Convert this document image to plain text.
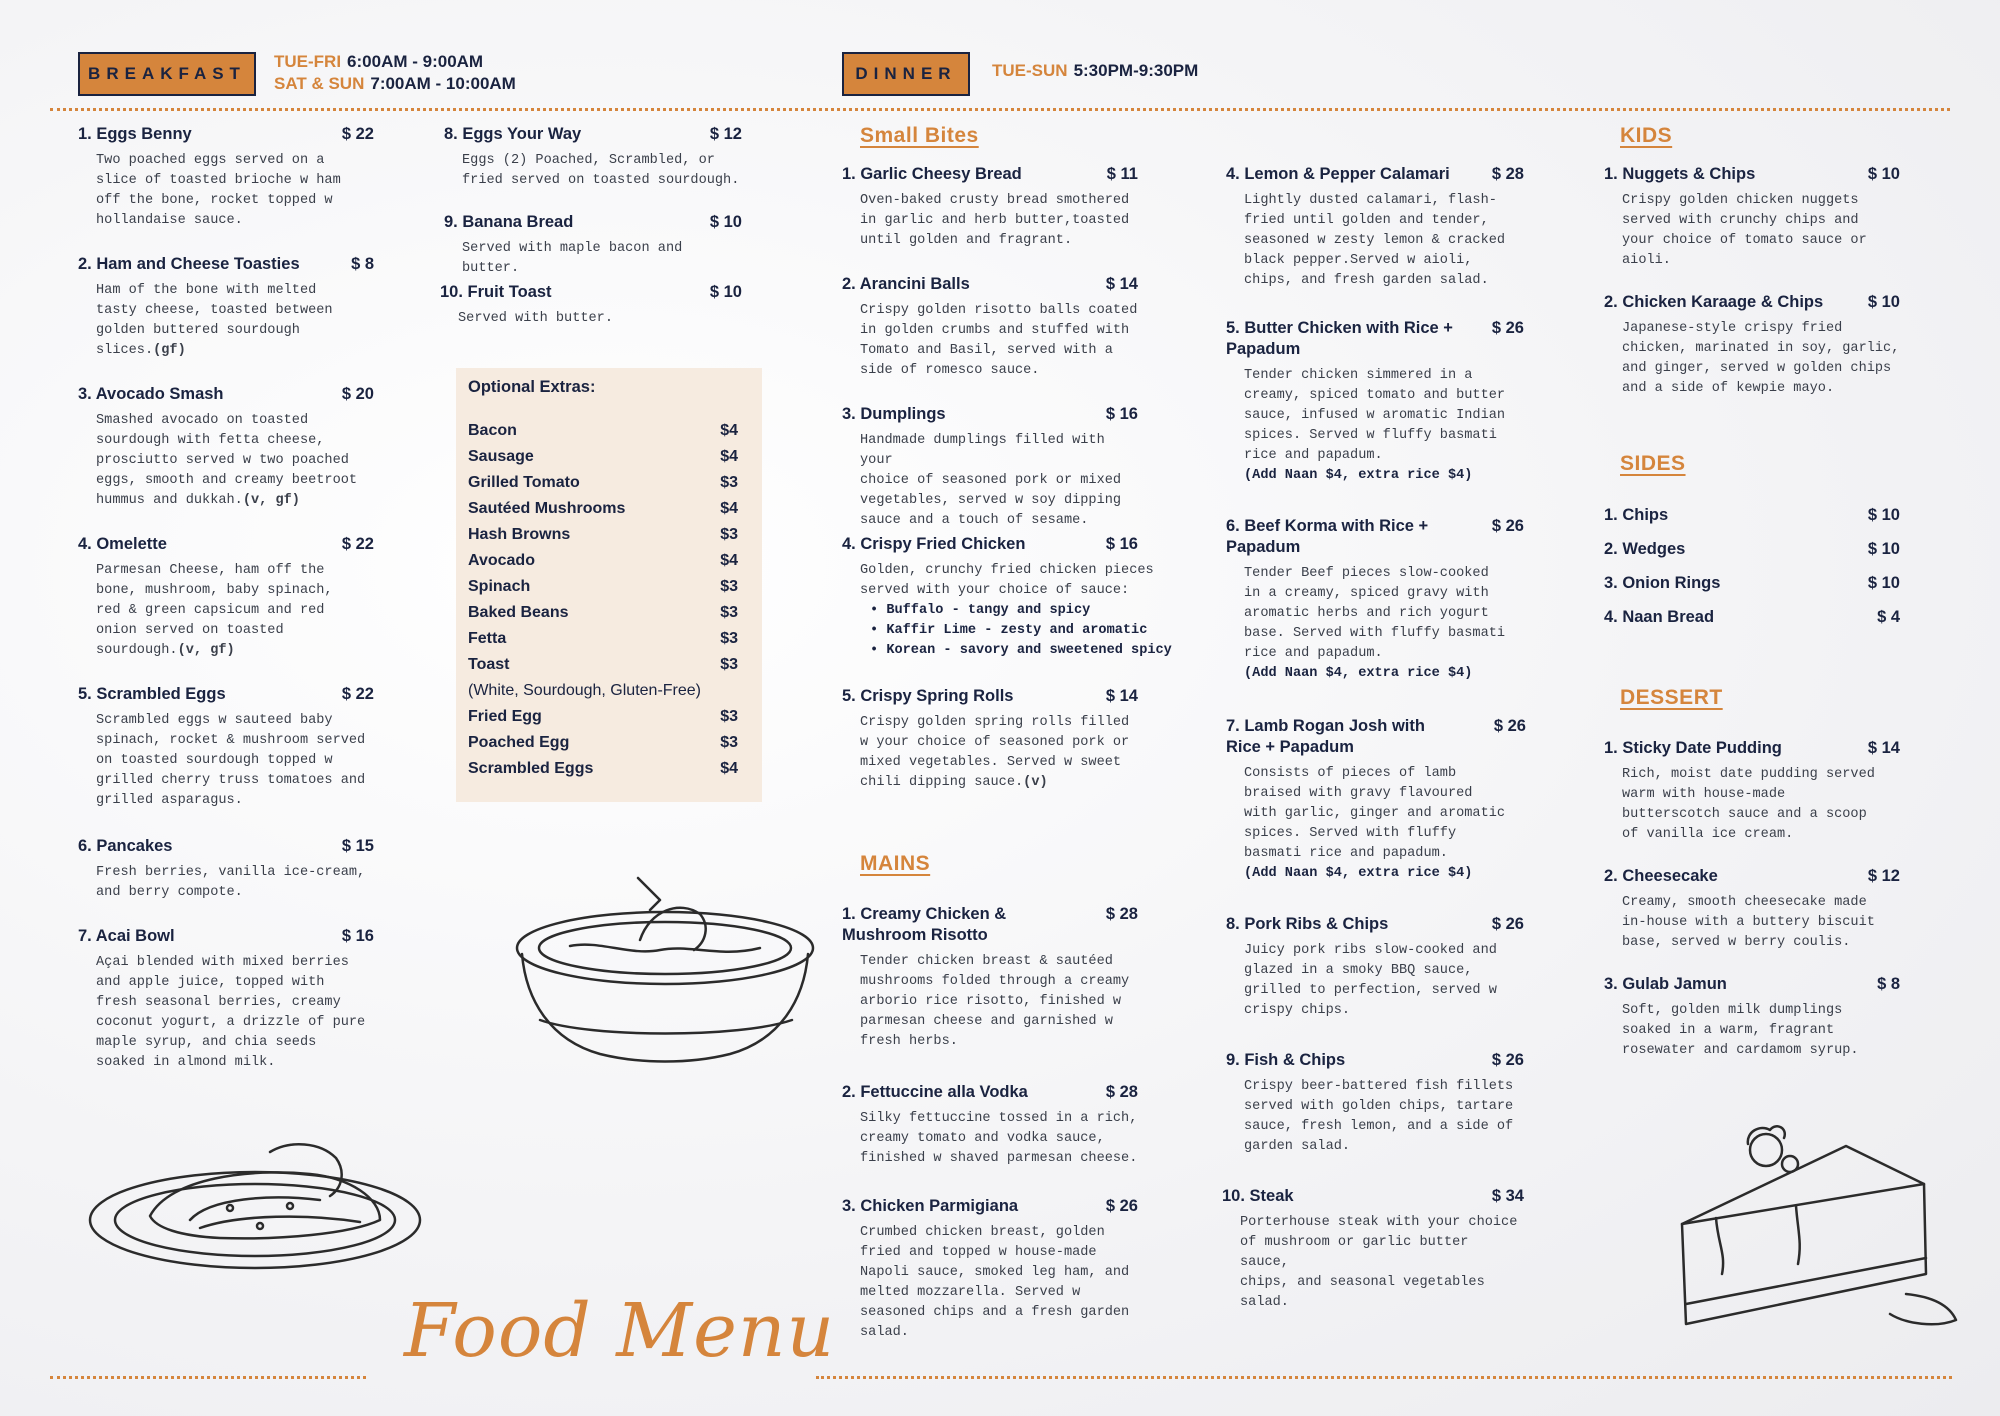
BREAKFAST
TUE-FRI 6:00AM - 9:00AM
SAT & SUN 7:00AM - 10:00AM
DINNER	TUE-SUN 5:30PM-9:30PM
1. Eggs Benny	$ 22
Two poached eggs served on a
slice of toasted brioche w ham
off the bone, rocket topped w
hollandaise sauce.
2. Ham and Cheese Toasties	$ 8
Ham of the bone with melted
tasty cheese, toasted between
golden buttered sourdough
slices.(gf)
3. Avocado Smash	$ 20
Smashed avocado on toasted
sourdough with fetta cheese,
prosciutto served w two poached
eggs, smooth and creamy beetroot
hummus and dukkah.(v, gf)
4. Omelette	$ 22
Parmesan Cheese, ham off the
bone, mushroom, baby spinach,
red & green capsicum and red
onion served on toasted
sourdough.(v, gf)
5. Scrambled Eggs	$ 22
Scrambled eggs w sauteed baby
spinach, rocket & mushroom served
on toasted sourdough topped w
grilled cherry truss tomatoes and
grilled asparagus.
6. Pancakes	$ 15
Fresh berries, vanilla ice-cream,
and berry compote.
7. Acai Bowl	$ 16
Açai blended with mixed berries
and apple juice, topped with
fresh seasonal berries, creamy
coconut yogurt, a drizzle of pure
maple syrup, and chia seeds
soaked in almond milk.
8. Eggs Your Way	$ 12
Eggs (2) Poached, Scrambled, or
fried served on toasted sourdough.
9. Banana Bread	$ 10
Served with maple bacon and butter.
10. Fruit Toast	$ 10
Served with butter.
Optional Extras:
Bacon	$4
Sausage	$4
Grilled Tomato	$3
Sautéed Mushrooms	$4
Hash Browns	$3
Avocado	$4
Spinach	$3
Baked Beans	$3
Fetta	$3
Toast	$3
(White, Sourdough, Gluten-Free)
Fried Egg	$3
Poached Egg	$3
Scrambled Eggs	$4
Small Bites
1. Garlic Cheesy Bread	$ 11
Oven-baked crusty bread smothered
in garlic and herb butter,toasted
until golden and fragrant.
2. Arancini Balls	$ 14
Crispy golden risotto balls coated
in golden crumbs and stuffed with
Tomato and Basil, served with a
side of romesco sauce.
3. Dumplings	$ 16
Handmade dumplings filled with your
choice of seasoned pork or mixed
vegetables, served w soy dipping
sauce and a touch of sesame.
4. Crispy Fried Chicken	$ 16
Golden, crunchy fried chicken pieces
served with your choice of sauce:
• Buffalo - tangy and spicy
• Kaffir Lime - zesty and aromatic
• Korean - savory and sweetened spicy
5. Crispy Spring Rolls	$ 14
Crispy golden spring rolls filled
w your choice of seasoned pork or
mixed vegetables. Served w sweet
chili dipping sauce.(v)
MAINS
1. Creamy Chicken &
Mushroom Risotto
$ 28
Tender chicken breast & sautéed
mushrooms folded through a creamy
arborio rice risotto, finished w
parmesan cheese and garnished w
fresh herbs.
2. Fettuccine alla Vodka	$ 28
Silky fettuccine tossed in a rich,
creamy tomato and vodka sauce,
finished w shaved parmesan cheese.
3. Chicken Parmigiana	$ 26
Crumbed chicken breast, golden
fried and topped w house-made
Napoli sauce, smoked leg ham, and
melted mozzarella. Served w
seasoned chips and a fresh garden
salad.
4. Lemon & Pepper Calamari	$ 28
Lightly dusted calamari, flash-
fried until golden and tender,
seasoned w zesty lemon & cracked
black pepper.Served w aioli,
chips, and fresh garden salad.
5. Butter Chicken with Rice +
Papadum
$ 26
Tender chicken simmered in a
creamy, spiced tomato and butter
sauce, infused w aromatic Indian
spices. Served w fluffy basmati
rice and papadum.
(Add Naan $4, extra rice $4)
6. Beef Korma with Rice +
Papadum
$ 26
Tender Beef pieces slow-cooked
in a creamy, spiced gravy with
aromatic herbs and rich yogurt
base. Served with fluffy basmati
rice and papadum.
(Add Naan $4, extra rice $4)
7. Lamb Rogan Josh with
Rice + Papadum
$ 26
Consists of pieces of lamb
braised with gravy flavoured
with garlic, ginger and aromatic
spices. Served with fluffy
basmati rice and papadum.
(Add Naan $4, extra rice $4)
8. Pork Ribs & Chips	$ 26
Juicy pork ribs slow-cooked and
glazed in a smoky BBQ sauce,
grilled to perfection, served w
crispy chips.
9. Fish & Chips	$ 26
Crispy beer-battered fish fillets
served with golden chips, tartare
sauce, fresh lemon, and a side of
garden salad.
10. Steak	$ 34
Porterhouse steak with your choice
of mushroom or garlic butter sauce,
chips, and seasonal vegetables
salad.
KIDS
1. Nuggets & Chips	$ 10
Crispy golden chicken nuggets
served with crunchy chips and
your choice of tomato sauce or
aioli.
2. Chicken Karaage & Chips	$ 10
Japanese-style crispy fried
chicken, marinated in soy, garlic,
and ginger, served w golden chips
and a side of kewpie mayo.
SIDES
1. Chips	$ 10
2. Wedges	$ 10
3. Onion Rings	$ 10
4. Naan Bread	$ 4
DESSERT
1. Sticky Date Pudding	$ 14
Rich, moist date pudding served
warm with house-made
butterscotch sauce and a scoop
of vanilla ice cream.
2. Cheesecake	$ 12
Creamy, smooth cheesecake made
in-house with a buttery biscuit
base, served w berry coulis.
3. Gulab Jamun	$ 8
Soft, golden milk dumplings
soaked in a warm, fragrant
rosewater and cardamom syrup.
Food Menu
